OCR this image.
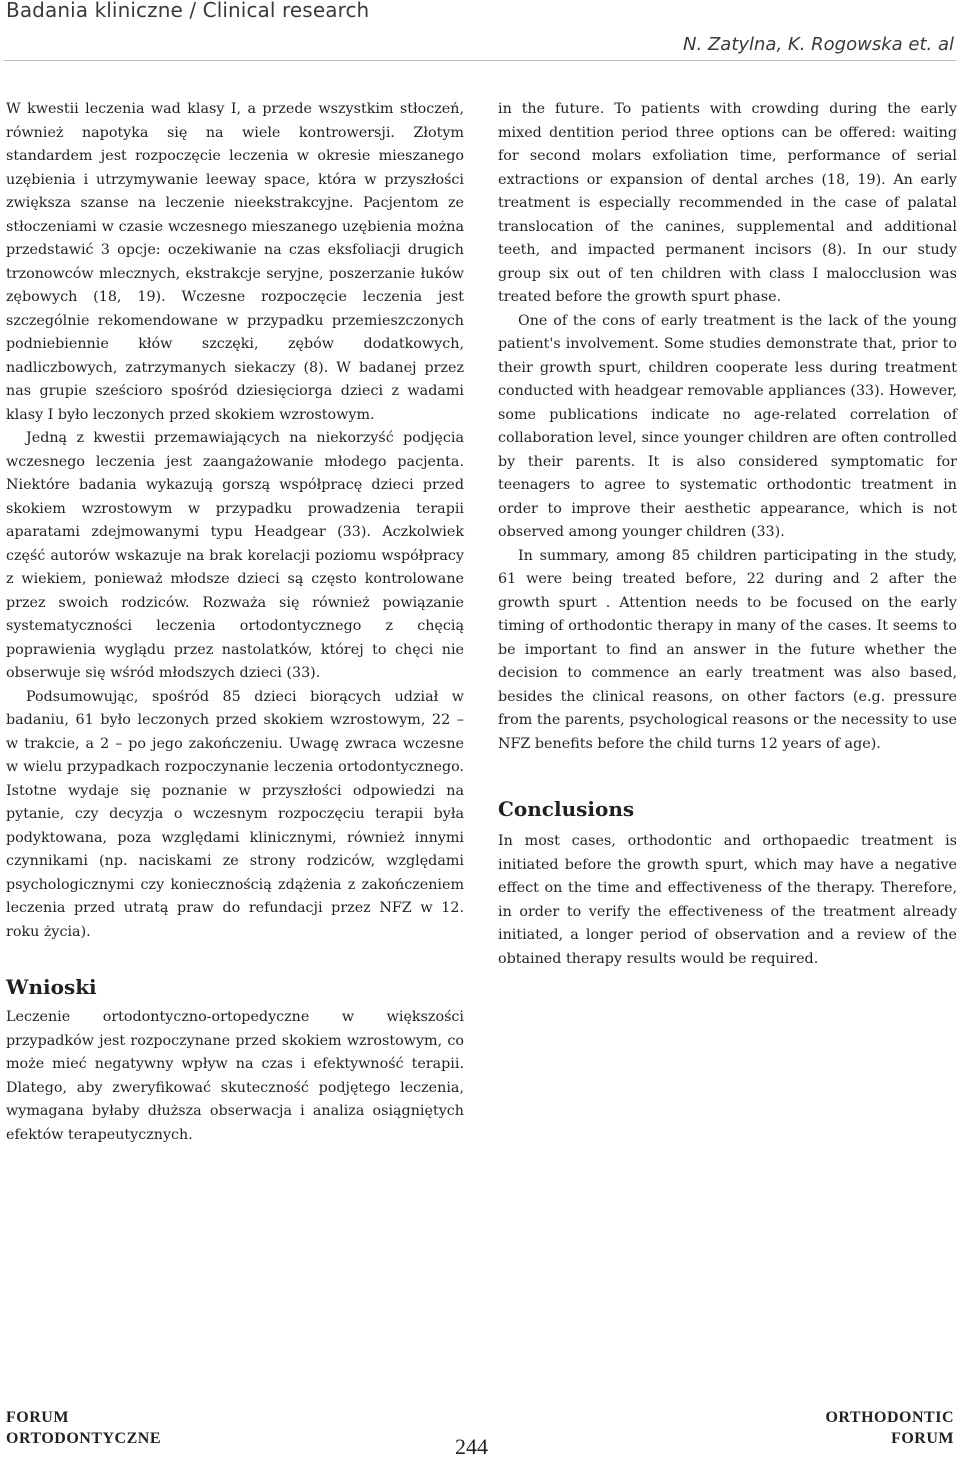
Badania kliniczne / Clinical research
N. Zatylna, K. Rogowska et. al

W kwestii leczenia wad klasy I, a przede wszystkim stłoczeń, również napotyka się na wiele kontrowersji. Złotym standardem jest rozpoczęcie leczenia w okresie mieszanego uzębienia i utrzymywanie leeway space, która w przyszłości zwiększa szanse na leczenie nieekstrakcyjne. Pacjentom ze stłoczeniami w czasie wczesnego mieszanego uzębienia można przedstawić 3 opcje: oczekiwanie na czas eksfoliacji drugich trzonowców mlecznych, ekstrakcje seryjne, poszerzanie łuków zębowych (18, 19). Wczesne rozpoczęcie leczenia jest szczególnie rekomendowane w przypadku przemieszczonych podniebiennie kłów szczęki, zębów dodatkowych, nadliczbowych, zatrzymanych siekaczy (8). W badanej przez nas grupie sześcioro spośród dziesięciorga dzieci z wadami klasy I było leczonych przed skokiem wzrostowym.

Jedną z kwestii przemawiających na niekorzyść podjęcia wczesnego leczenia jest zaangażowanie młodego pacjenta. Niektóre badania wykazują gorszą współpracę dzieci przed skokiem wzrostowym w przypadku prowadzenia terapii aparatami zdejmowanymi typu Headgear (33). Aczkolwiek część autorów wskazuje na brak korelacji poziomu współpracy z wiekiem, ponieważ młodsze dzieci są często kontrolowane przez swoich rodziców. Rozważa się również powiązanie systematyczności leczenia ortodontycznego z chęcią poprawienia wyglądu przez nastolatków, której to chęci nie obserwuje się wśród młodszych dzieci (33).

Podsumowując, spośród 85 dzieci biorących udział w badaniu, 61 było leczonych przed skokiem wzrostowym, 22 – w trakcie, a 2 – po jego zakończeniu. Uwagę zwraca wczesne w wielu przypadkach rozpoczynanie leczenia ortodontycznego. Istotne wydaje się poznanie w przyszłości odpowiedzi na pytanie, czy decyzja o wczesnym rozpoczęciu terapii była podyktowana, poza względami klinicznymi, również innymi czynnikami (np. naciskami ze strony rodziców, względami psychologicznymi czy koniecznością zdążenia z zakończeniem leczenia przed utratą praw do refundacji przez NFZ w 12. roku życia).

Wnioski

Leczenie ortodontyczno-ortopedyczne w większości przypadków jest rozpoczynane przed skokiem wzrostowym, co może mieć negatywny wpływ na czas i efektywność terapii. Dlatego, aby zweryfikować skuteczność podjętego leczenia, wymagana byłaby dłuższa obserwacja i analiza osiągniętych efektów terapeutycznych.

in the future. To patients with crowding during the early mixed dentition period three options can be offered: waiting for second molars exfoliation time, performance of serial extractions or expansion of dental arches (18, 19). An early treatment is especially recommended in the case of palatal translocation of the canines, supplemental and additional teeth, and impacted permanent incisors (8). In our study group six out of ten children with class I malocclusion was treated before the growth spurt phase.

One of the cons of early treatment is the lack of the young patient's involvement. Some studies demonstrate that, prior to their growth spurt, children cooperate less during treatment conducted with headgear removable appliances (33). However, some publications indicate no age-related correlation of collaboration level, since younger children are often controlled by their parents. It is also considered symptomatic for teenagers to agree to systematic orthodontic treatment in order to improve their aesthetic appearance, which is not observed among younger children (33).

In summary, among 85 children participating in the study, 61 were being treated before, 22 during and 2 after the growth spurt . Attention needs to be focused on the early timing of orthodontic therapy in many of the cases. It seems to be important to find an answer in the future whether the decision to commence an early treatment was also based, besides the clinical reasons, on other factors (e.g. pressure from the parents, psychological reasons or the necessity to use NFZ benefits before the child turns 12 years of age).

Conclusions

In most cases, orthodontic and orthopaedic treatment is initiated before the growth spurt, which may have a negative effect on the time and effectiveness of the therapy. Therefore, in order to verify the effectiveness of the treatment already initiated, a longer period of observation and a review of the obtained therapy results would be required.

FORUM
ORTODONTYCZNE	244
ORTHODONTIC
FORUM
